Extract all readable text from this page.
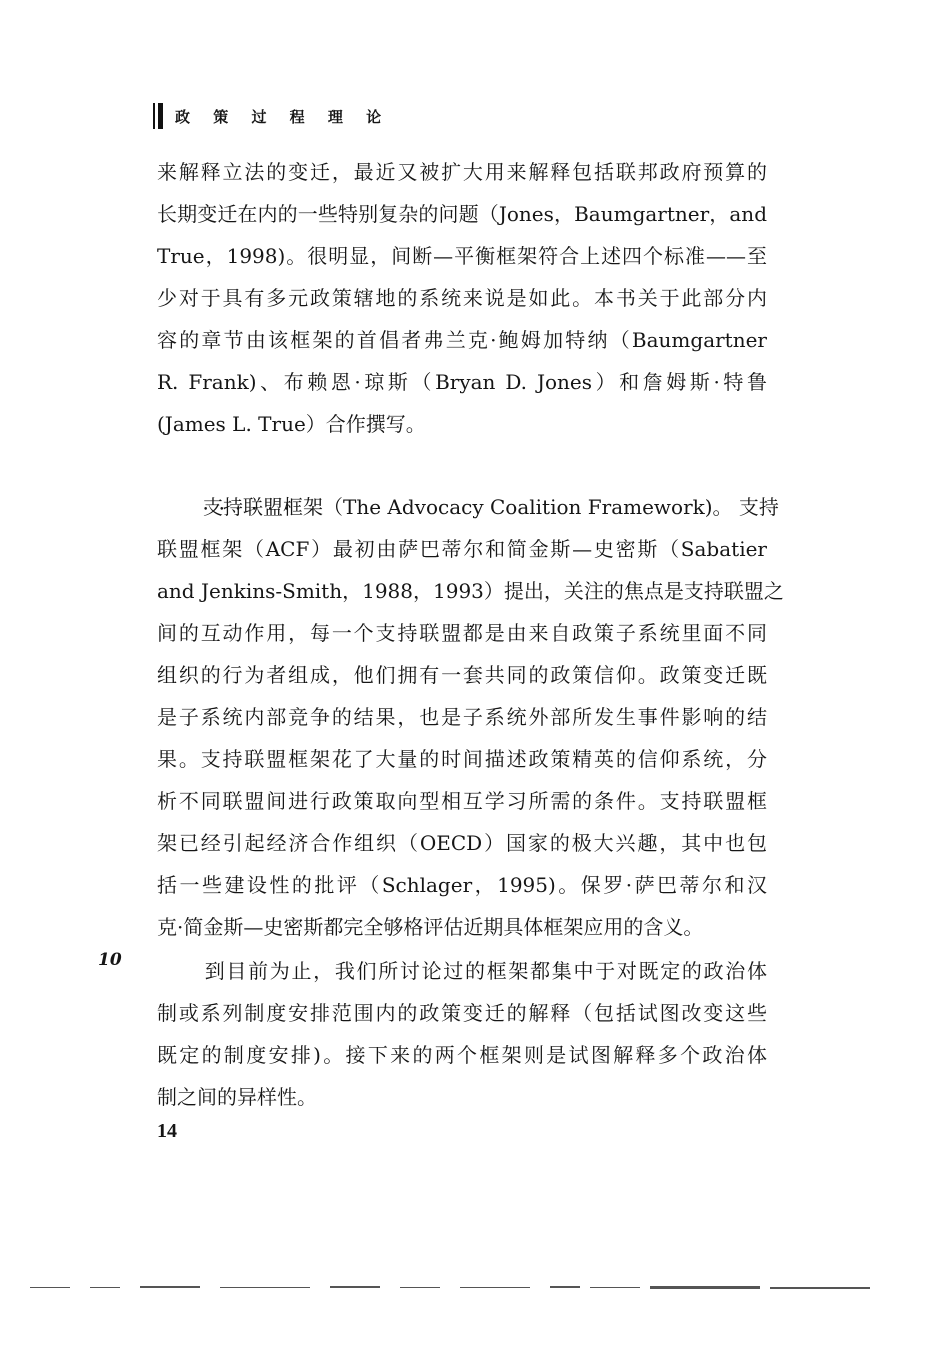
政 策 过 程 理 论
来解释立法的变迁，最近又被扩大用来解释包括联邦政府预算的
长期变迁在内的一些特别复杂的问题（Jones，Baumgartner，and
True，1998)。很明显，间断—平衡框架符合上述四个标准——至
少对于具有多元政策辖地的系统来说是如此。本书关于此部分内
容的章节由该框架的首倡者弗兰克·鲍姆加特纳（Baumgartner
R. Frank)、布赖恩·琼斯（Bryan D. Jones）和詹姆斯·特鲁
(James L. True）合作撰写。
支持联盟框架 • • •（The Advocacy Coalition Framework)。 支持
联盟框架（ACF）最初由萨巴蒂尔和简金斯—史密斯（Sabatier
and Jenkins-Smith，1988，1993）提出，关注的焦点是支持联盟之
间的互动作用，每一个支持联盟都是由来自政策子系统里面不同
组织的行为者组成，他们拥有一套共同的政策信仰。政策变迁既
是子系统内部竞争的结果，也是子系统外部所发生事件影响的结
果。支持联盟框架花了大量的时间描述政策精英的信仰系统，分
析不同联盟间进行政策取向型相互学习所需的条件。支持联盟框
架已经引起经济合作组织（OECD）国家的极大兴趣，其中也包
括一些建设性的批评（Schlager，1995)。保罗·萨巴蒂尔和汉
克·简金斯—史密斯都完全够格评估近期具体框架应用的含义。
10	到目前为止，我们所讨论过的框架都集中于对既定的政治体
制或系列制度安排范围内的政策变迁的解释（包括试图改变这些
既定的制度安排)。接下来的两个框架则是试图解释多个政治体
制之间的异样性。
14
